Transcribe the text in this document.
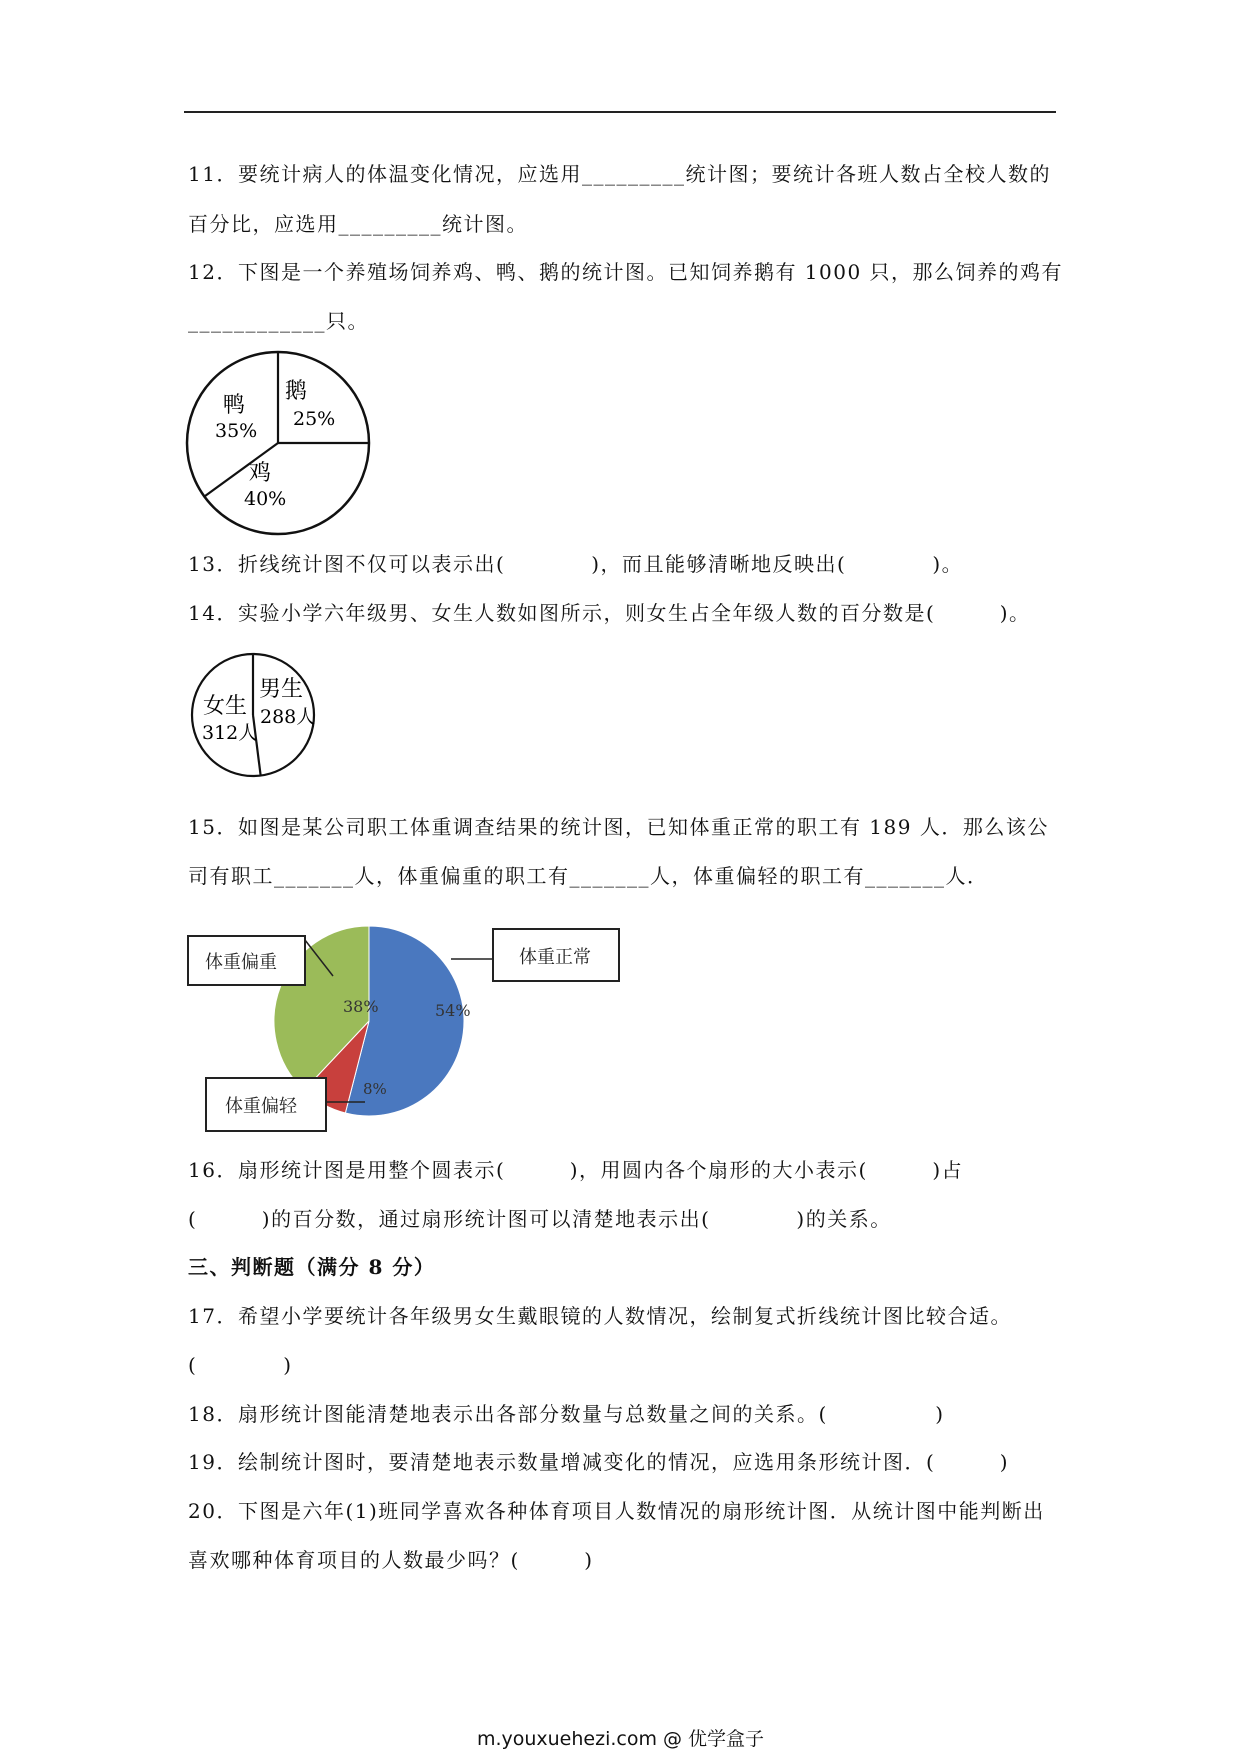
11．要统计病人的体温变化情况，应选用_________统计图；要统计各班人数占全校人数的
百分比，应选用_________统计图。
12．下图是一个养殖场饲养鸡、鸭、鹅的统计图。已知饲养鹅有 1000 只，那么饲养的鸡有
____________只。
鹅
25%
鸡
40%
鸭
35%
13．折线统计图不仅可以表示出(　　　　)，而且能够清晰地反映出(　　　　)。
14．实验小学六年级男、女生人数如图所示，则女生占全年级人数的百分数是(　　　)。
男生
288人
女生
312人
15．如图是某公司职工体重调查结果的统计图，已知体重正常的职工有 189 人．那么该公
司有职工_______人，体重偏重的职工有_______人，体重偏轻的职工有_______人．
54%
8%
38%
体重偏重	体重正常
体重偏轻
16．扇形统计图是用整个圆表示(　　　)，用圆内各个扇形的大小表示(　　　)占
(　　　)的百分数，通过扇形统计图可以清楚地表示出(　　　　)的关系。
三、判断题（满分 8 分）
17．希望小学要统计各年级男女生戴眼镜的人数情况，绘制复式折线统计图比较合适。
(　　　　)
18．扇形统计图能清楚地表示出各部分数量与总数量之间的关系。(　　　　　)
19．绘制统计图时，要清楚地表示数量增减变化的情况，应选用条形统计图．(　　　)
20．下图是六年(1)班同学喜欢各种体育项目人数情况的扇形统计图．从统计图中能判断出
喜欢哪种体育项目的人数最少吗？(　　　)
m.youxuehezi.com @ 优学盒子
